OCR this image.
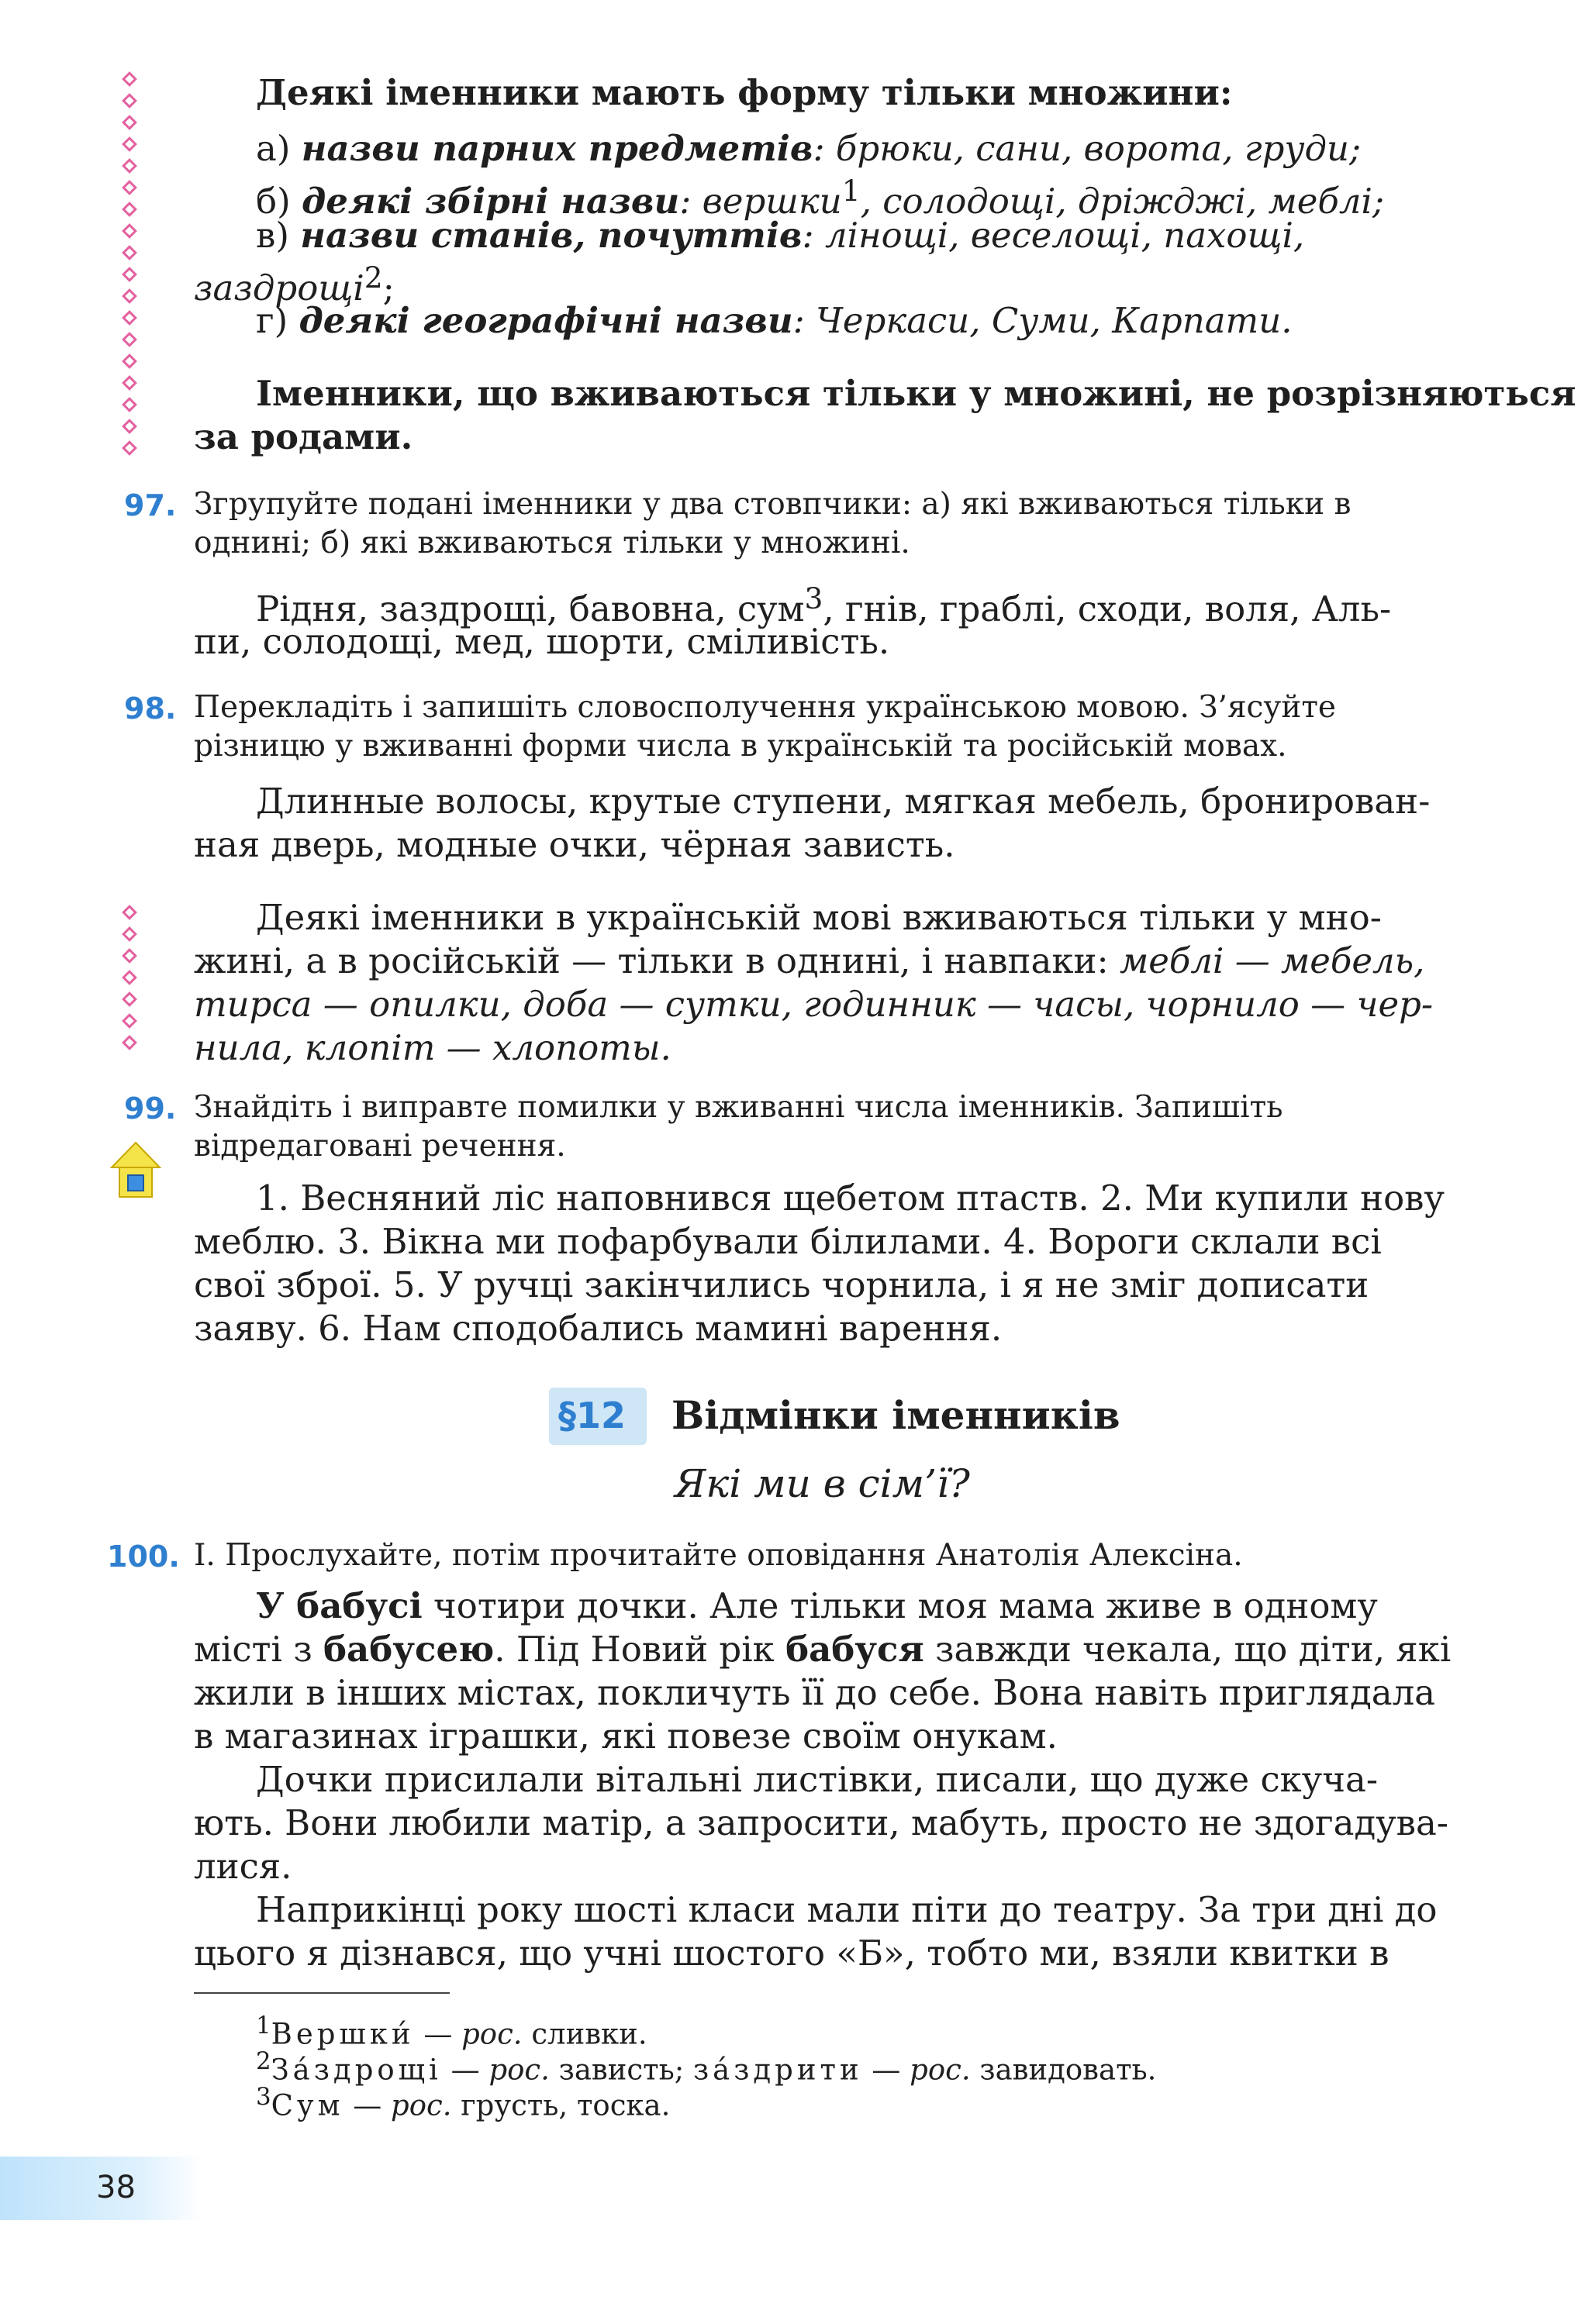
Деякі іменники мають форму тільки множини:

а) назви парних предметів: брюки, сани, ворота, груди;

б) деякі збірні назви: вершки$^1$, солодощі, дріжджі, меблі;

в) назви станів, почуттів: лінощі, веселощі, пахощі,

заздрощі$^2$;

г) деякі географічні назви: Черкаси, Суми, Карпати.

Іменники, що вживаються тільки у множині, не розрізняються

за родами.

97. Згрупуйте подані іменники у два стовпчики: а) які вживаються тільки в

однині; б) які вживаються тільки у множині.

Рідня, заздрощі, бавовна, сум$^3$, гнів, граблі, сходи, воля, Аль-

пи, солодощі, мед, шорти, сміливість.

98. Перекладіть і запишіть словосполучення українською мовою. З’ясуйте

різницю у вживанні форми числа в українській та російській мовах.

Длинные волосы, крутые ступени, мягкая мебель, бронирован-

ная дверь, модные очки, чёрная зависть.

Деякі іменники в українській мові вживаються тільки у мно-

жині, а в російській — тільки в однині, і навпаки: меблі — мебель,

тирса — опилки, доба — сутки, годинник — часы, чорнило — чер-

нила, клопіт — хлопоты.

99. Знайдіть і виправте помилки у вживанні числа іменників. Запишіть

відредаговані речення.

1. Весняний ліс наповнився щебетом птаств. 2. Ми купили нову

меблю. 3. Вікна ми пофарбували білилами. 4. Вороги склали всі

свої зброї. 5. У ручці закінчились чорнила, і я не зміг дописати

заяву. 6. Нам сподобались мамині варення.

§12 Відмінки іменників

Які ми в сім’ї?

100. І. Прослухайте, потім прочитайте оповідання Анатолія Алексіна.

У бабусі чотири дочки. Але тільки моя мама живе в одному

місті з бабусею. Під Новий рік бабуся завжди чекала, що діти, які

жили в інших містах, покличуть її до себе. Вона навіть приглядала

в магазинах іграшки, які повезе своїм онукам.

Дочки присилали вітальні листівки, писали, що дуже скуча-

ють. Вони любили матір, а запросити, мабуть, просто не здогадува-

лися.

Наприкінці року шості класи мали піти до театру. За три дні до

цього я дізнався, що учні шостого «Б», тобто ми, взяли квитки в

$^1$Вершки́ — рос. сливки.

$^2$За́здрощі — рос. зависть; за́здрити — рос. завидовать.

$^3$Сум — рос. грусть, тоска.

38
